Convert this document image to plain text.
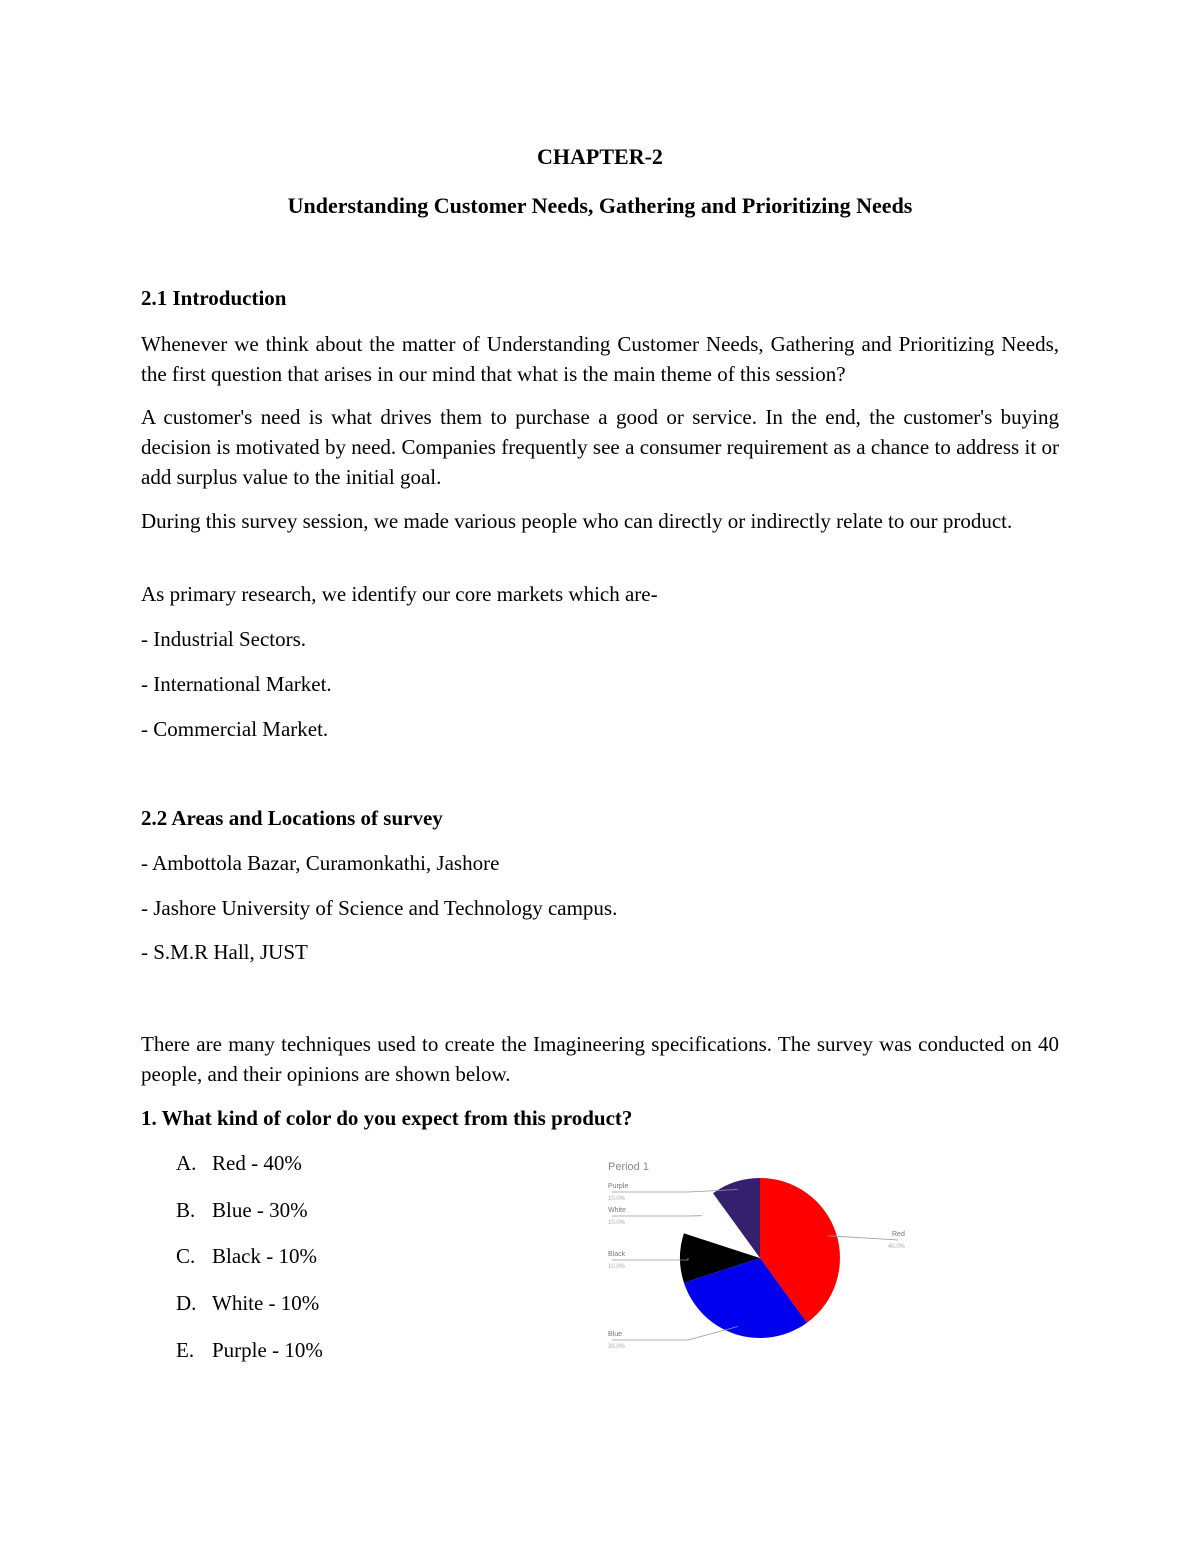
CHAPTER-2
Understanding Customer Needs, Gathering and Prioritizing Needs
2.1 Introduction

Whenever we think about the matter of Understanding Customer Needs, Gathering and Prioritizing Needs, the first question that arises in our mind that what is the main theme of this session?

A customer's need is what drives them to purchase a good or service. In the end, the customer's buying decision is motivated by need. Companies frequently see a consumer requirement as a chance to address it or add surplus value to the initial goal.

During this survey session, we made various people who can directly or indirectly relate to our product.

As primary research, we identify our core markets which are-
- Industrial Sectors.
- International Market.
- Commercial Market.
2.2 Areas and Locations of survey
- Ambottola Bazar, Curamonkathi, Jashore
- Jashore University of Science and Technology campus.
- S.M.R Hall, JUST

There are many techniques used to create the Imagineering specifications. The survey was conducted on 40 people, and their opinions are shown below.

1. What kind of color do you expect from this product?
A. Red - 40%
B. Blue - 30%
C. Black - 10%
D. White - 10%
E. Purple - 10%
Period 1
Red
40.0%
Blue
30.0%
Black
10.0%
White
10.0%
Purple
10.0%
